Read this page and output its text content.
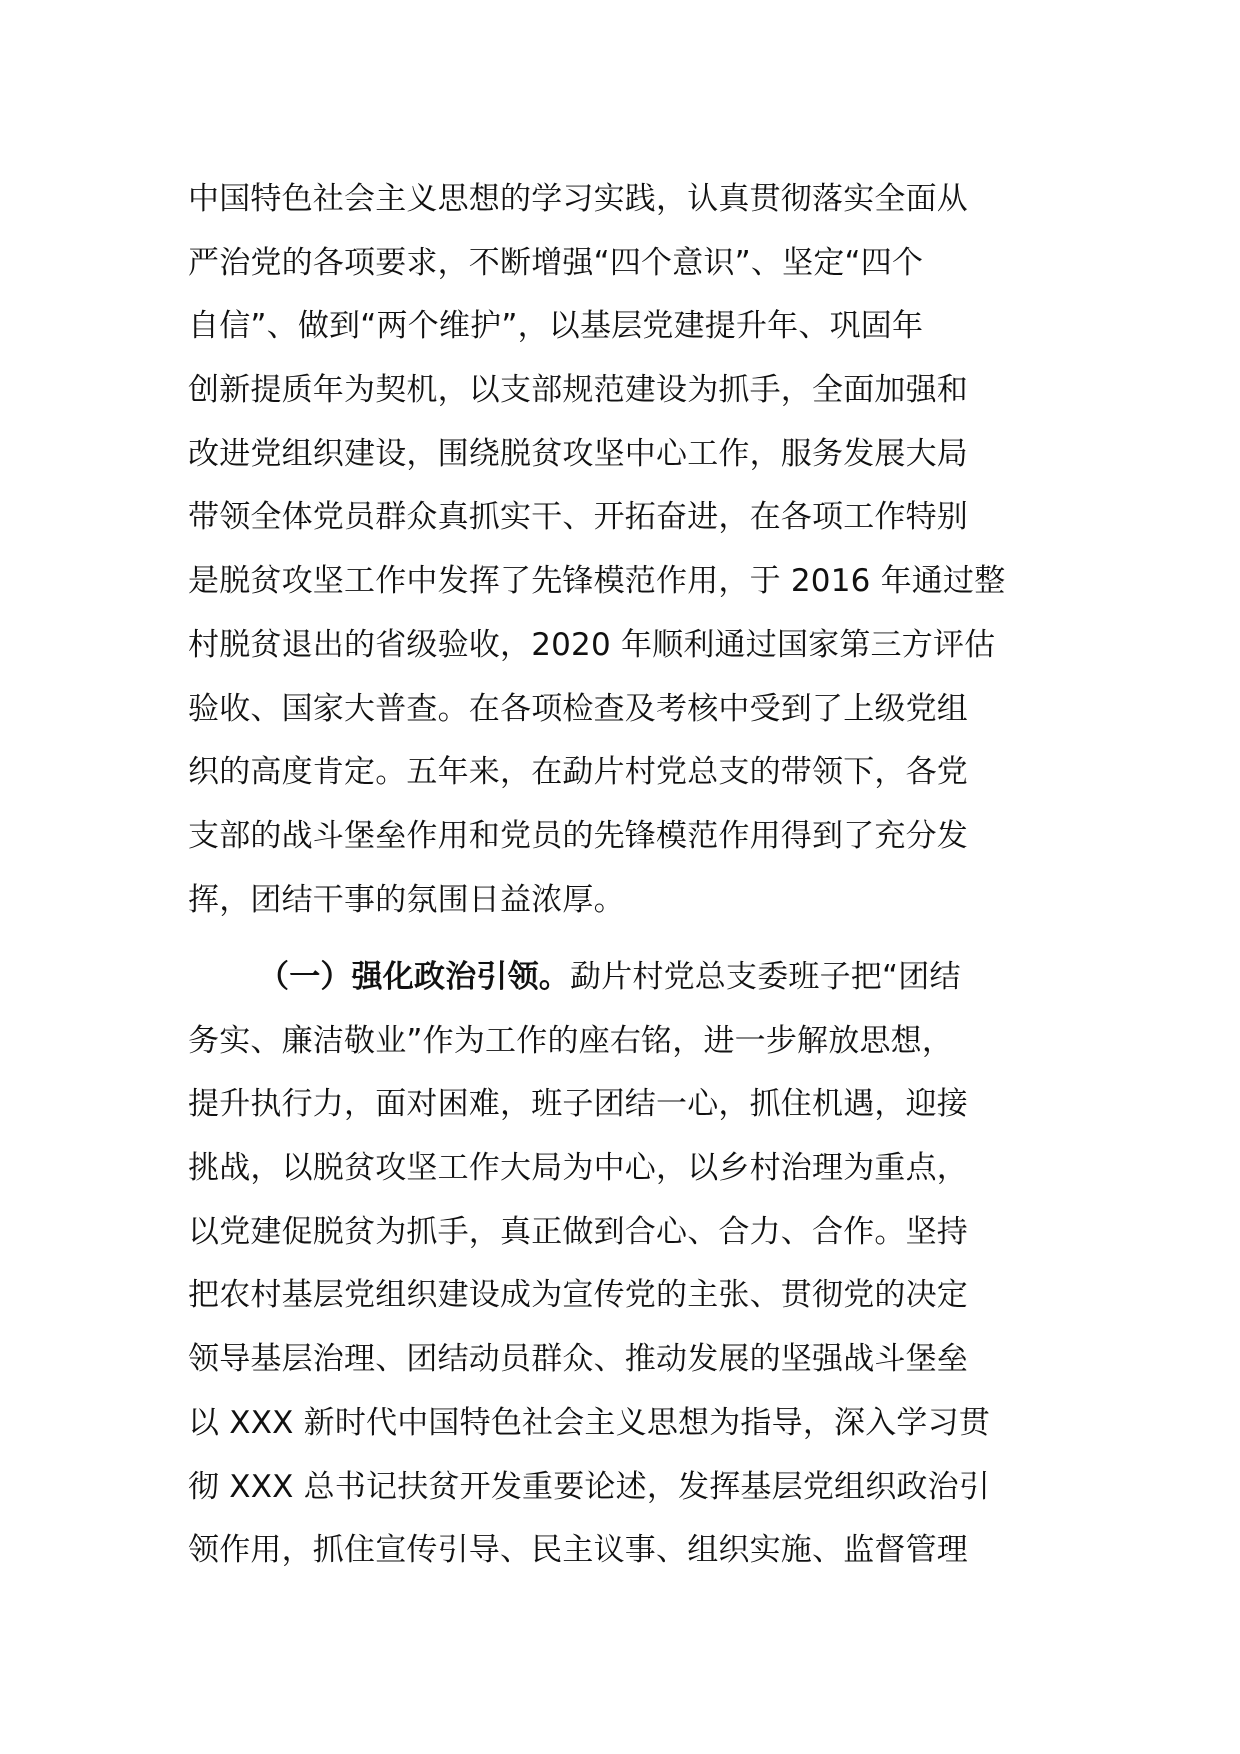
中国特色社会主义思想的学习实践，认真贯彻落实全面从
严治党的各项要求，不断增强“四个意识”、坚定“四个
自信”、做到“两个维护”，以基层党建提升年、巩固年
创新提质年为契机，以支部规范建设为抓手，全面加强和
改进党组织建设，围绕脱贫攻坚中心工作，服务发展大局
带领全体党员群众真抓实干、开拓奋进，在各项工作特别
是脱贫攻坚工作中发挥了先锋模范作用，于 2016 年通过整
村脱贫退出的省级验收，2020 年顺利通过国家第三方评估
验收、国家大普查。在各项检查及考核中受到了上级党组
织的高度肯定。五年来，在勐片村党总支的带领下，各党
支部的战斗堡垒作用和党员的先锋模范作用得到了充分发
挥，团结干事的氛围日益浓厚。
（一）强化政治引领。勐片村党总支委班子把“团结
务实、廉洁敬业”作为工作的座右铭，进一步解放思想，
提升执行力，面对困难，班子团结一心，抓住机遇，迎接
挑战，以脱贫攻坚工作大局为中心，以乡村治理为重点，
以党建促脱贫为抓手，真正做到合心、合力、合作。坚持
把农村基层党组织建设成为宣传党的主张、贯彻党的决定
领导基层治理、团结动员群众、推动发展的坚强战斗堡垒
以 XXX 新时代中国特色社会主义思想为指导，深入学习贯
彻 XXX 总书记扶贫开发重要论述，发挥基层党组织政治引
领作用，抓住宣传引导、民主议事、组织实施、监督管理
